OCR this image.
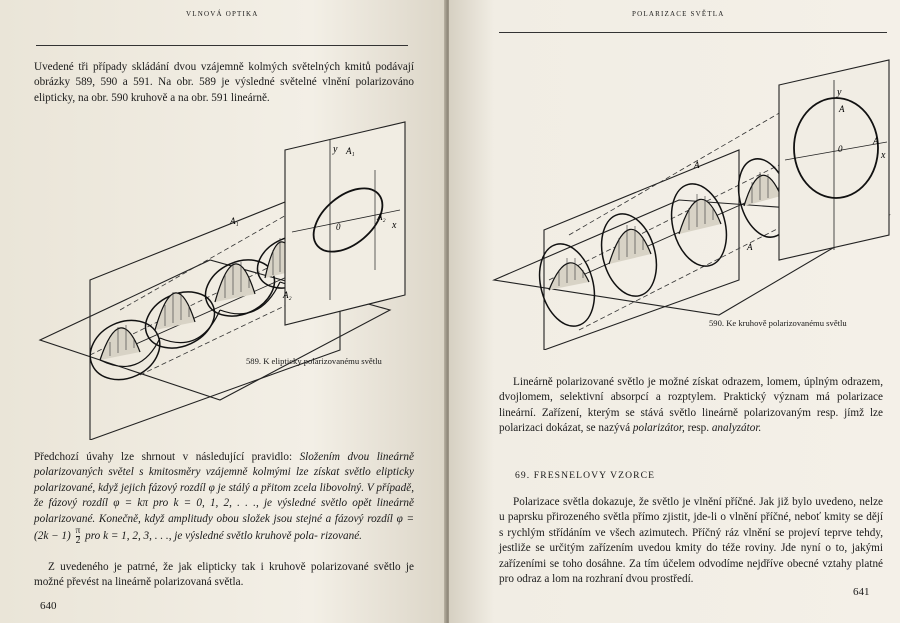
VLNOVÁ OPTIKA
Uvedené tři případy skládání dvou vzájemně kolmých světelných kmitů podávají obrázky 589, 590 a 591. Na obr. 589 je výsledné světelné vlnění polarizováno elipticky, na obr. 590 kruhově a na obr. 591 lineárně.
y A₁
0	x
A₂
A₁
A₂
589. K elipticky polarizovanému světlu
Předchozí úvahy lze shrnout v následující pravidlo: Složením dvou lineárně polarizovaných světel s kmitosměry vzájemně kolmými lze získat světlo elipticky polarizované, když jejich fázový rozdíl φ je stálý a přitom zcela libovolný. V případě, že fázový rozdíl φ = kπ pro k = 0, 1, 2, . . ., je výsledné světlo opět lineárně polarizované. Konečně, když amplitudy obou složek jsou stejné a fázový rozdíl $\varphi = (2k - 1) \frac{\pi}{2}$ pro k = 1, 2, 3, . . ., je výsledné světlo kruhově pola- rizované.
Z uvedeného je patrné, že jak elipticky tak i kruhově polarizované světlo je možné převést na lineárně polarizovaná světla.
640
POLARIZACE SVĚTLA
y
A
0
x
A
A
A
590. Ke kruhově polarizovanému světlu
Lineárně polarizované světlo je možné získat odrazem, lomem, úplným odrazem, dvojlomem, selektivní absorpcí a rozptylem. Praktický význam má polarizace lineární. Zařízení, kterým se stává světlo lineárně polarizovaným resp. jímž lze polarizaci dokázat, se nazývá polarizátor, resp. analyzátor.
69. FRESNELOVY VZORCE
Polarizace světla dokazuje, že světlo je vlnění příčné. Jak již bylo uvedeno, nelze u paprsku přirozeného světla přímo zjistit, jde-li o vlnění příčné, neboť kmity se dějí s rychlým střídáním ve všech azimutech. Příčný ráz vlnění se projeví teprve tehdy, jestliže se určitým zařízením uvedou kmity do téže roviny. Jde nyní o to, jakými zařízeními se toho dosáhne. Za tím účelem odvodíme nejdříve obecné vztahy platné pro odraz a lom na rozhraní dvou prostředí.
641
